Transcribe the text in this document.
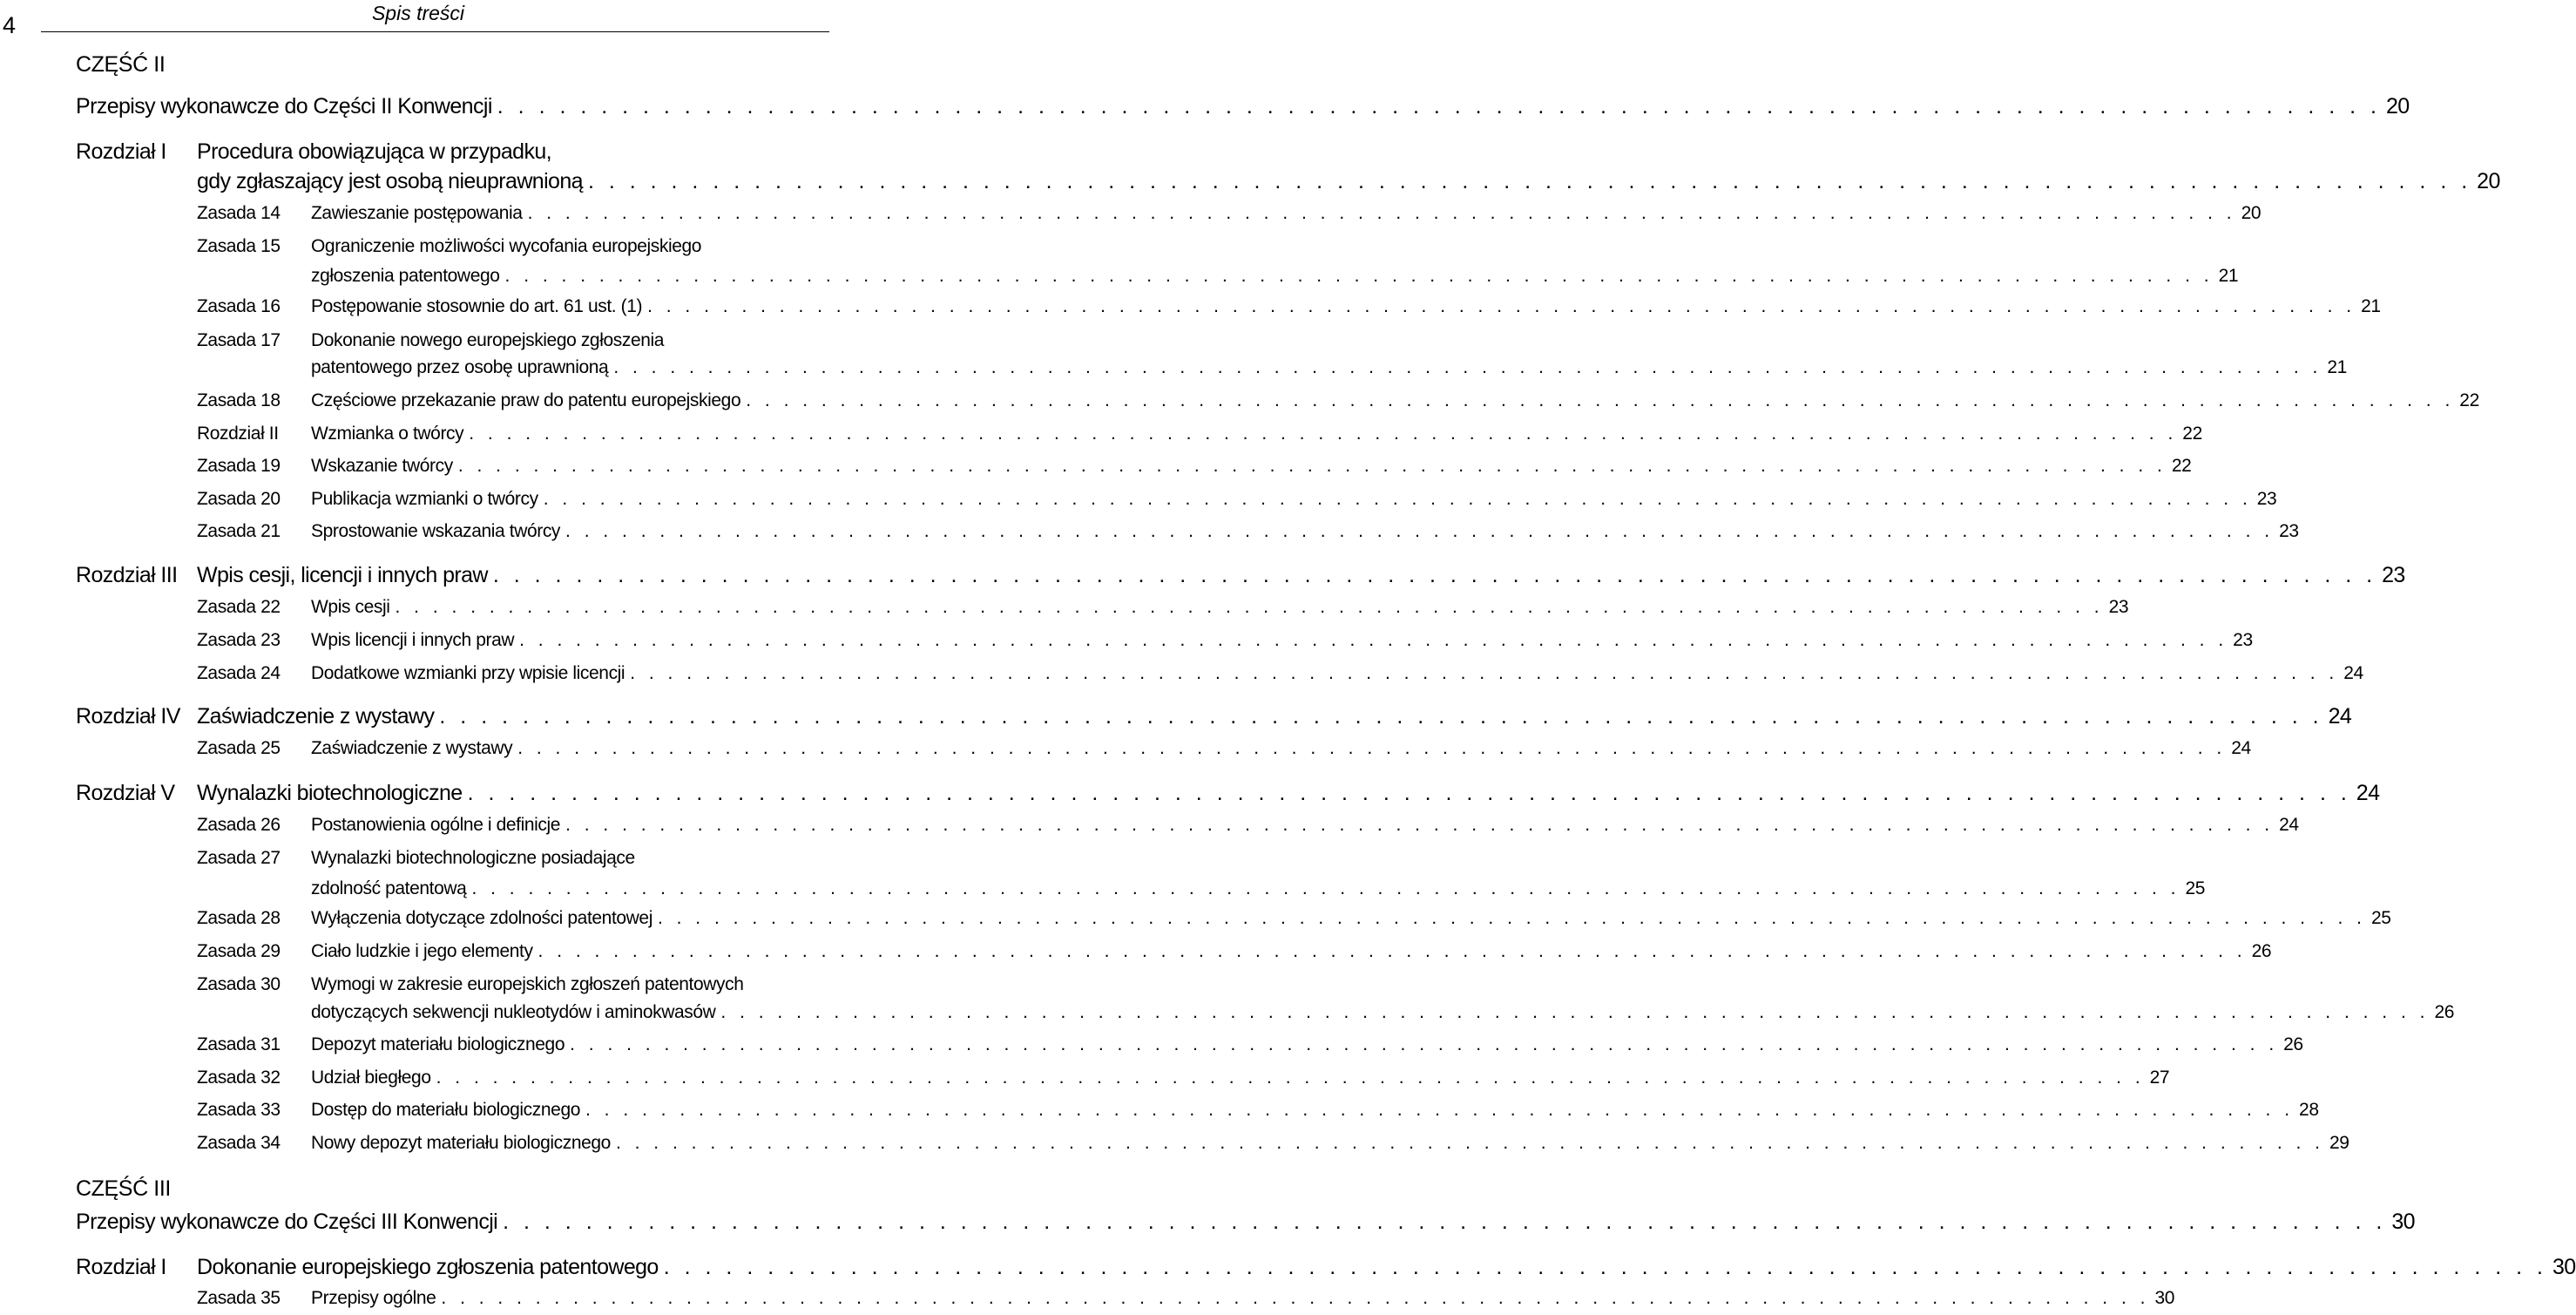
4	Spis treści
CZĘŚĆ II
Przepisy wykonawcze do Części II Konwencji . . .	20
Rozdział I Procedura obowiązująca w przypadku,
gdy zgłaszający jest osobą nieuprawnioną . . .	20
Zasada 14 Zawieszanie postępowania . . .	20
Zasada 15 Ograniczenie możliwości wycofania europejskiego
zgłoszenia patentowego . . .	21
Zasada 16 Postępowanie stosownie do art. 61 ust. (1) . . .	21
Zasada 17 Dokonanie nowego europejskiego zgłoszenia
patentowego przez osobę uprawnioną . . .	21
Zasada 18 Częściowe przekazanie praw do patentu europejskiego . . .	22
Rozdział II Wzmianka o twórcy . . .	22
Zasada 19 Wskazanie twórcy . . .	22
Zasada 20 Publikacja wzmianki o twórcy . . .	23
Zasada 21 Sprostowanie wskazania twórcy . . .	23
Rozdział III Wpis cesji, licencji i innych praw . . .	23
Zasada 22 Wpis cesji . . .	23
Zasada 23 Wpis licencji i innych praw . . .	23
Zasada 24 Dodatkowe wzmianki przy wpisie licencji . . .	24
Rozdział IV Zaświadczenie z wystawy . . .	24
Zasada 25 Zaświadczenie z wystawy . . .	24
Rozdział V Wynalazki biotechnologiczne . . .	24
Zasada 26 Postanowienia ogólne i definicje . . .	24
Zasada 27 Wynalazki biotechnologiczne posiadające
zdolność patentową . . .	25
Zasada 28 Wyłączenia dotyczące zdolności patentowej . . .	25
Zasada 29 Ciało ludzkie i jego elementy . . .	26
Zasada 30 Wymogi w zakresie europejskich zgłoszeń patentowych
dotyczących sekwencji nukleotydów i aminokwasów . . .	26
Zasada 31 Depozyt materiału biologicznego . . .	26
Zasada 32 Udział biegłego . . .	27
Zasada 33 Dostęp do materiału biologicznego . . .	28
Zasada 34 Nowy depozyt materiału biologicznego . . .	29
CZĘŚĆ III
Przepisy wykonawcze do Części III Konwencji . . .	30
Rozdział I Dokonanie europejskiego zgłoszenia patentowego . . .	30
Zasada 35 Przepisy ogólne . . .	30
